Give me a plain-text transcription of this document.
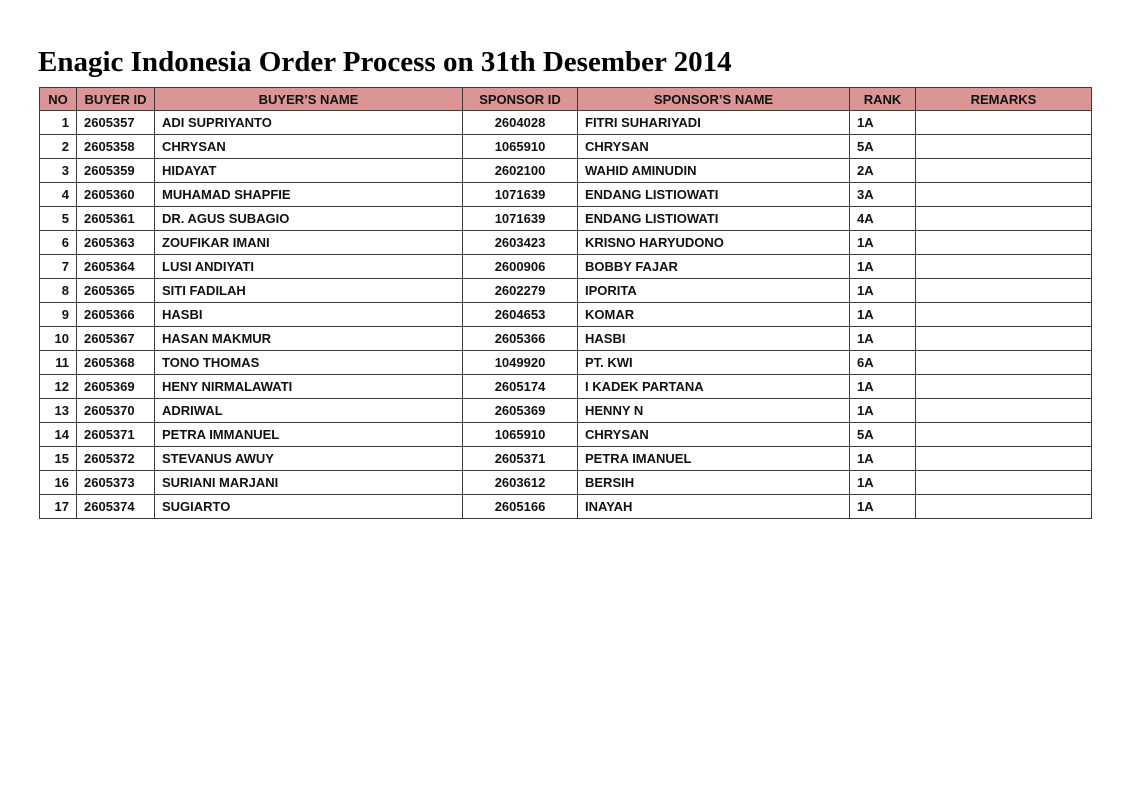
Enagic Indonesia Order Process on 31th Desember 2014
NO	BUYER ID	BUYER’S NAME	SPONSOR ID	SPONSOR’S NAME	RANK	REMARKS
1	2605357	ADI SUPRIYANTO	2604028	FITRI SUHARIYADI	1A	
2	2605358	CHRYSAN	1065910	CHRYSAN	5A	
3	2605359	HIDAYAT	2602100	WAHID AMINUDIN	2A	
4	2605360	MUHAMAD SHAPFIE	1071639	ENDANG LISTIOWATI	3A	
5	2605361	DR. AGUS SUBAGIO	1071639	ENDANG LISTIOWATI	4A	
6	2605363	ZOUFIKAR IMANI	2603423	KRISNO HARYUDONO	1A	
7	2605364	LUSI ANDIYATI	2600906	BOBBY FAJAR	1A	
8	2605365	SITI FADILAH	2602279	IPORITA	1A	
9	2605366	HASBI	2604653	KOMAR	1A	
10	2605367	HASAN MAKMUR	2605366	HASBI	1A	
11	2605368	TONO THOMAS	1049920	PT. KWI	6A	
12	2605369	HENY NIRMALAWATI	2605174	I KADEK PARTANA	1A	
13	2605370	ADRIWAL	2605369	HENNY N	1A	
14	2605371	PETRA IMMANUEL	1065910	CHRYSAN	5A	
15	2605372	STEVANUS AWUY	2605371	PETRA IMANUEL	1A	
16	2605373	SURIANI MARJANI	2603612	BERSIH	1A	
17	2605374	SUGIARTO	2605166	INAYAH	1A	
